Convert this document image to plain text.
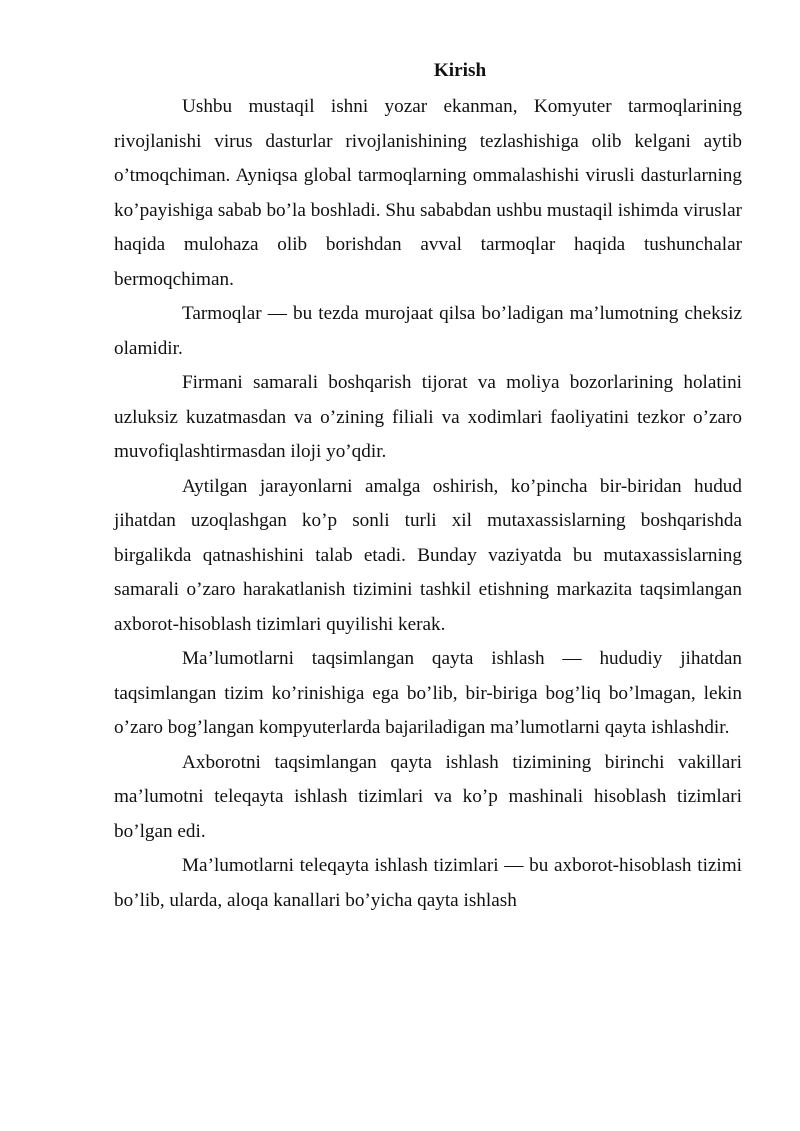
Kirish

Ushbu mustaqil ishni yozar ekanman, Komyuter tarmoqlarining rivojlanishi virus dasturlar rivojlanishining tezlashishiga olib kelgani aytib o’tmoqchiman. Ayniqsa global tarmoqlarning ommalashishi virusli dasturlarning ko’payishiga sabab bo’la boshladi. Shu sababdan ushbu mustaqil ishimda viruslar haqida mulohaza olib borishdan avval tarmoqlar haqida tushunchalar bermoqchiman.

Tarmoqlar — bu tezda murojaat qilsa bo’ladigan ma’lumotning cheksiz olamidir.

Firmani samarali boshqarish tijorat va moliya bozorlarining holatini uzluksiz kuzatmasdan va o’zining filiali va xodimlari faoliyatini tezkor o’zaro muvofiqlashtirmasdan iloji yo’qdir.

Aytilgan jarayonlarni amalga oshirish, ko’pincha bir-biridan hudud jihatdan uzoqlashgan ko’p sonli turli xil mutaxassislarning boshqarishda birgalikda qatnashishini talab etadi. Bunday vaziyatda bu mutaxassislarning samarali o’zaro harakatlanish tizimini tashkil etishning markazita taqsimlangan axborot-hisoblash tizimlari quyilishi kerak.

Ma’lumotlarni taqsimlangan qayta ishlash — hududiy jihatdan taqsimlangan tizim ko’rinishiga ega bo’lib, bir-biriga bog’liq bo’lmagan, lekin o’zaro bog’langan kompyuterlarda bajariladigan ma’lumotlarni qayta ishlashdir.

Axborotni taqsimlangan qayta ishlash tizimining birinchi vakillari ma’lumotni teleqayta ishlash tizimlari va ko’p mashinali hisoblash tizimlari bo’lgan edi.

Ma’lumotlarni teleqayta ishlash tizimlari — bu axborot-hisoblash tizimi bo’lib, ularda, aloqa kanallari bo’yicha qayta ishlash
